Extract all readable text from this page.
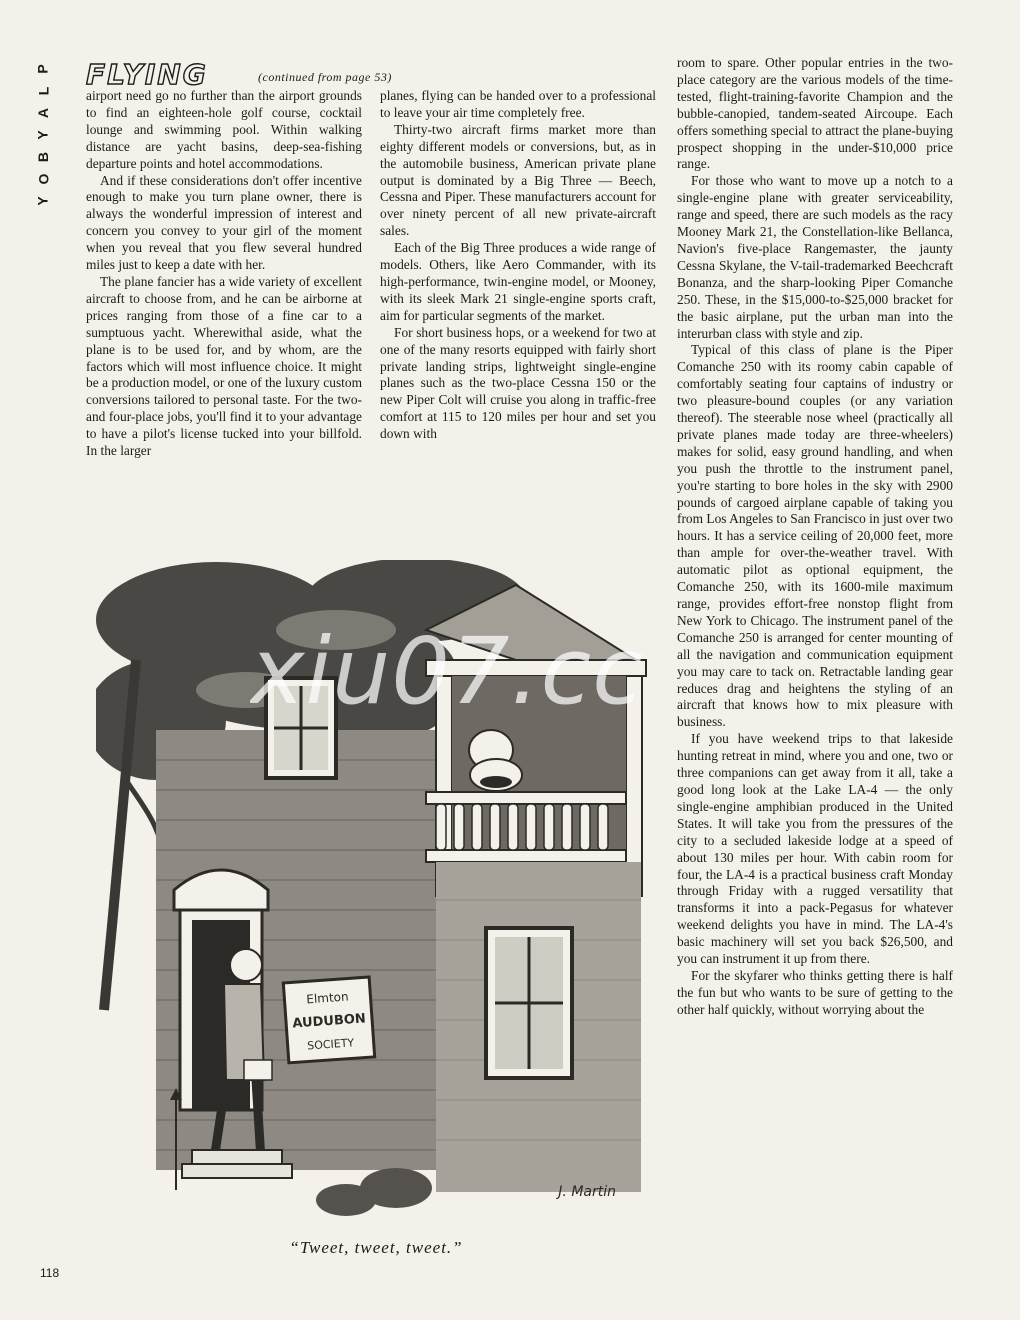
P
L
A
Y
B
O
Y
FLYING	(continued from page 53)

airport need go no further than the airport grounds to find an eighteen-hole golf course, cocktail lounge and swimming pool. Within walking distance are yacht basins, deep-sea-fishing departure points and hotel accommodations.

And if these considerations don't offer incentive enough to make you turn plane owner, there is always the wonderful impression of interest and concern you convey to your girl of the moment when you reveal that you flew several hundred miles just to keep a date with her.

The plane fancier has a wide variety of excellent aircraft to choose from, and he can be airborne at prices ranging from those of a fine car to a sumptuous yacht. Wherewithal aside, what the plane is to be used for, and by whom, are the factors which will most influence choice. It might be a production model, or one of the luxury custom conversions tailored to personal taste. For the two- and four-place jobs, you'll find it to your advantage to have a pilot's license tucked into your billfold. In the larger

planes, flying can be handed over to a professional to leave your air time completely free.

Thirty-two aircraft firms market more than eighty different models or conversions, but, as in the automobile business, American private plane output is dominated by a Big Three — Beech, Cessna and Piper. These manufacturers account for over ninety percent of all new private-aircraft sales.

Each of the Big Three produces a wide range of models. Others, like Aero Commander, with its high-performance, twin-engine model, or Mooney, with its sleek Mark 21 single-engine sports craft, aim for particular segments of the market.

For short business hops, or a weekend for two at one of the many resorts equipped with fairly short private landing strips, lightweight single-engine planes such as the two-place Cessna 150 or the new Piper Colt will cruise you along in traffic-free comfort at 115 to 120 miles per hour and set you down with

room to spare. Other popular entries in the two-place category are the various models of the time-tested, flight-training-favorite Champion and the bubble-canopied, tandem-seated Aircoupe. Each offers something special to attract the plane-buying prospect shopping in the under-$10,000 price range.

For those who want to move up a notch to a single-engine plane with greater serviceability, range and speed, there are such models as the racy Mooney Mark 21, the Constellation-like Bellanca, Navion's five-place Rangemaster, the jaunty Cessna Skylane, the V-tail-trademarked Beechcraft Bonanza, and the sharp-looking Piper Comanche 250. These, in the $15,000-to-$25,000 bracket for the basic airplane, put the urban man into the interurban class with style and zip.

Typical of this class of plane is the Piper Comanche 250 with its roomy cabin capable of comfortably seating four captains of industry or two pleasure-bound couples (or any variation thereof). The steerable nose wheel (practically all private planes made today are three-wheelers) makes for solid, easy ground handling, and when you push the throttle to the instrument panel, you're starting to bore holes in the sky with 2900 pounds of cargoed airplane capable of taking you from Los Angeles to San Francisco in just over two hours. It has a service ceiling of 20,000 feet, more than ample for over-the-weather travel. With automatic pilot as optional equipment, the Comanche 250, with its 1600-mile maximum range, provides effort-free nonstop flight from New York to Chicago. The instrument panel of the Comanche 250 is arranged for center mounting of all the navigation and communication equipment you may care to tack on. Retractable landing gear reduces drag and heightens the styling of an aircraft that knows how to mix pleasure with business.

If you have weekend trips to that lakeside hunting retreat in mind, where you and one, two or three companions can get away from it all, take a good long look at the Lake LA-4 — the only single-engine amphibian produced in the United States. It will take you from the pressures of the city to a secluded lakeside lodge at a speed of about 130 miles per hour. With cabin room for four, the LA-4 is a practical business craft Monday through Friday with a rugged versatility that transforms it into a pack-Pegasus for whatever weekend delights you have in mind. The LA-4's basic machinery will set you back $26,500, and you can instrument it up from there.

For the skyfarer who thinks getting there is half the fun but who wants to be sure of getting to the other half quickly, without worrying about the

Elmton
AUDUBON
SOCIETY
J. Martin
“Tweet, tweet, tweet.”
xiu07.cc
118
